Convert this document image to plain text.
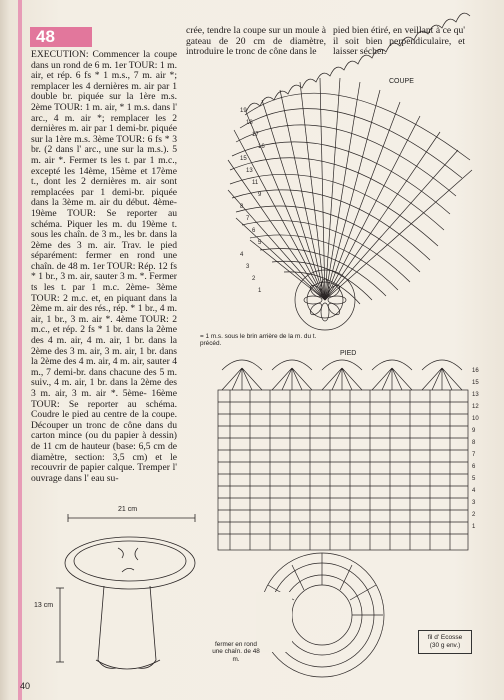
48
EXECUTION: Commencer la coupe dans un rond de 6 m. 1er TOUR: 1 m. air, et rép. 6 fs * 1 m.s., 7 m. air *; remplacer les 4 dernières m. air par 1 double br. piquée sur la 1ère m.s. 2ème TOUR: 1 m. air, * 1 m.s. dans l' arc., 4 m. air *; remplacer les 2 dernières m. air par 1 demi-br. piquée sur la 1ère m.s. 3ème TOUR: 6 fs * 3 br. (2 dans l' arc., une sur la m.s.). 5 m. air *. Fermer ts les t. par 1 m.c., excepté les 14ème, 15ème et 17ème t., dont les 2 dernières m. air sont remplacées par 1 demi-br. piquée dans la 3ème m. air du début. 4ème- 19ème TOUR: Se reporter au schéma. Piquer les m. du 19ème t. sous les chaîn. de 3 m., les br. dans la 2ème des 3 m. air. Trav. le pied séparément: fermer en rond une chaîn. de 48 m. 1er TOUR: Rép. 12 fs * 1 br., 3 m. air, sauter 3 m. *. Fermer ts les t. par 1 m.c. 2ème- 3ème TOUR: 2 m.c. et, en piquant dans la 2ème m. air des rés., rép. * 1 br., 4 m. air, 1 br., 3 m. air *. 4ème TOUR: 2 m.c., et rép. 2 fs * 1 br. dans la 2ème des 4 m. air, 4 m. air, 1 br. dans la 2ème des 3 m. air, 3 m. air, 1 br. dans la 2ème des 4 m. air, 4 m. air, sauter 4 m., 7 demi-br. dans chacune des 5 m. suiv., 4 m. air, 1 br. dans la 2ème des 3 m. air, 3 m. air *. 5ème- 16ème TOUR: Se reporter au schéma. Coudre le pied au centre de la coupe. Découper un tronc de cône dans du carton mince (ou du papier à dessin) de 11 cm de hauteur (base: 6,5 cm de diamètre, section: 3,5 cm) et le recouvrir de papier calque. Tremper l' ouvrage dans l' eau su-
crée, tendre la coupe sur un moule à gateau de 20 cm de diamètre, introduire le tronc de cône dans le
pied bien étiré, en veillant à ce qu' il soit bien perpendiculaire, et laisser sécher.
19
18
17
16
15
13
11
9
8
7
6
5
4
3
2
1
16
15
13
12
10
9
8
7
6
5
4
3
2
1
COUPE
PIED
= 1 m.s. sous le brin arrière de la m. du t. précéd.
fermer en rond une chaîn. de 48 m.
21 cm
13 cm
fil d' Ecosse
(30 g env.)
40
